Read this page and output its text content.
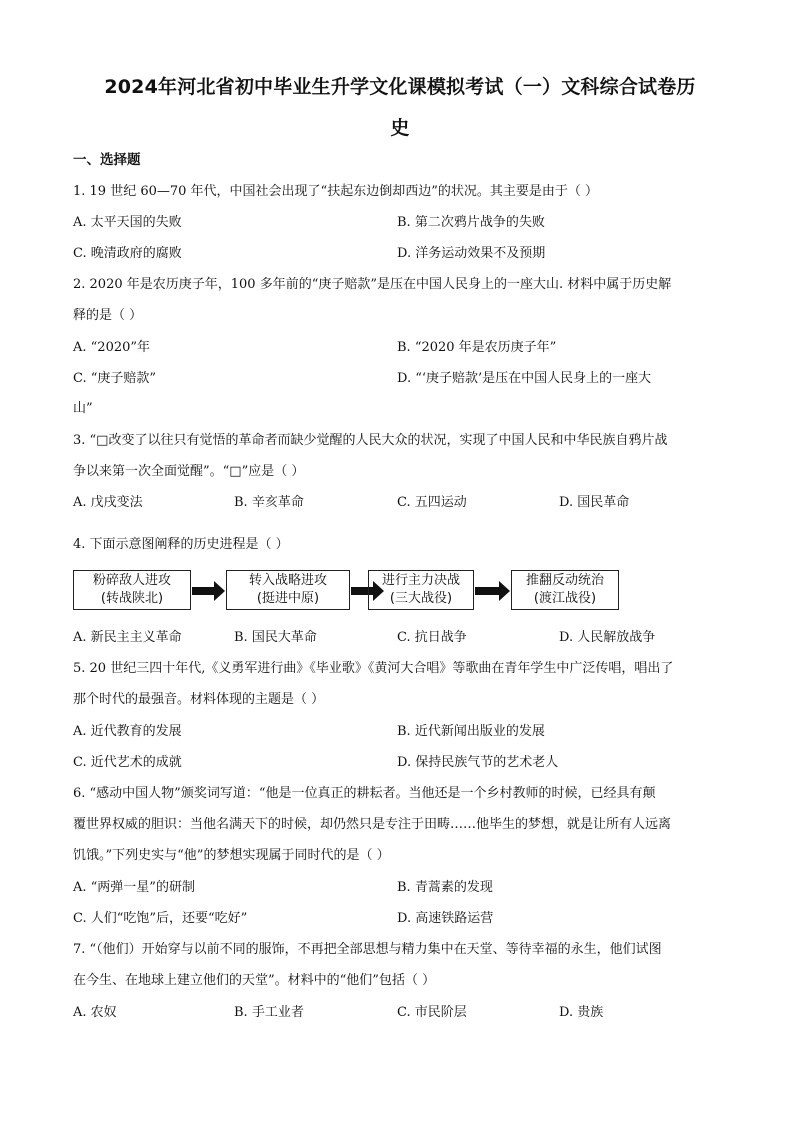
2024年河北省初中毕业生升学文化课模拟考试（一）文科综合试卷历
史
一、选择题
1. 19 世纪 60—70 年代，中国社会出现了“扶起东边倒却西边”的状况。其主要是由于（ ）
A. 太平天国的失败	B. 第二次鸦片战争的失败
C. 晚清政府的腐败	D. 洋务运动效果不及预期
2. 2020 年是农历庚子年，100 多年前的“庚子赔款”是压在中国人民身上的一座大山. 材料中属于历史解
释的是（ ）
A. “2020”年	B. “2020 年是农历庚子年”
C. “庚子赔款”	D. “‘庚子赔款’是压在中国人民身上的一座大
山”
3. “□改变了以往只有觉悟的革命者而缺少觉醒的人民大众的状况，实现了中国人民和中华民族自鸦片战
争以来第一次全面觉醒”。“□”应是（ ）
A. 戊戌变法	B. 辛亥革命	C. 五四运动	D. 国民革命
4. 下面示意图阐释的历史进程是（ ）
粉碎敌人进攻
(转战陕北)
转入战略进攻
(挺进中原)
进行主力决战
(三大战役)
推翻反动统治
(渡江战役)
A. 新民主主义革命	B. 国民大革命	C. 抗日战争	D. 人民解放战争
5. 20 世纪三四十年代,《义勇军进行曲》《毕业歌》《黄河大合唱》等歌曲在青年学生中广泛传唱，唱出了
那个时代的最强音。材料体现的主题是（ ）
A. 近代教育的发展	B. 近代新闻出版业的发展
C. 近代艺术的成就	D. 保持民族气节的艺术老人
6. “感动中国人物”颁奖词写道：“他是一位真正的耕耘者。当他还是一个乡村教师的时候，已经具有颠
覆世界权威的胆识：当他名满天下的时候，却仍然只是专注于田畴……他毕生的梦想，就是让所有人远离
饥饿。”下列史实与“他”的梦想实现属于同时代的是（ ）
A. “两弹一星”的研制	B. 青蒿素的发现
C. 人们“吃饱”后，还要“吃好”	D. 高速铁路运营
7. “（他们）开始穿与以前不同的服饰，不再把全部思想与精力集中在天堂、等待幸福的永生，他们试图
在今生、在地球上建立他们的天堂”。材料中的“他们”包括（ ）
A. 农奴	B. 手工业者	C. 市民阶层	D. 贵族
